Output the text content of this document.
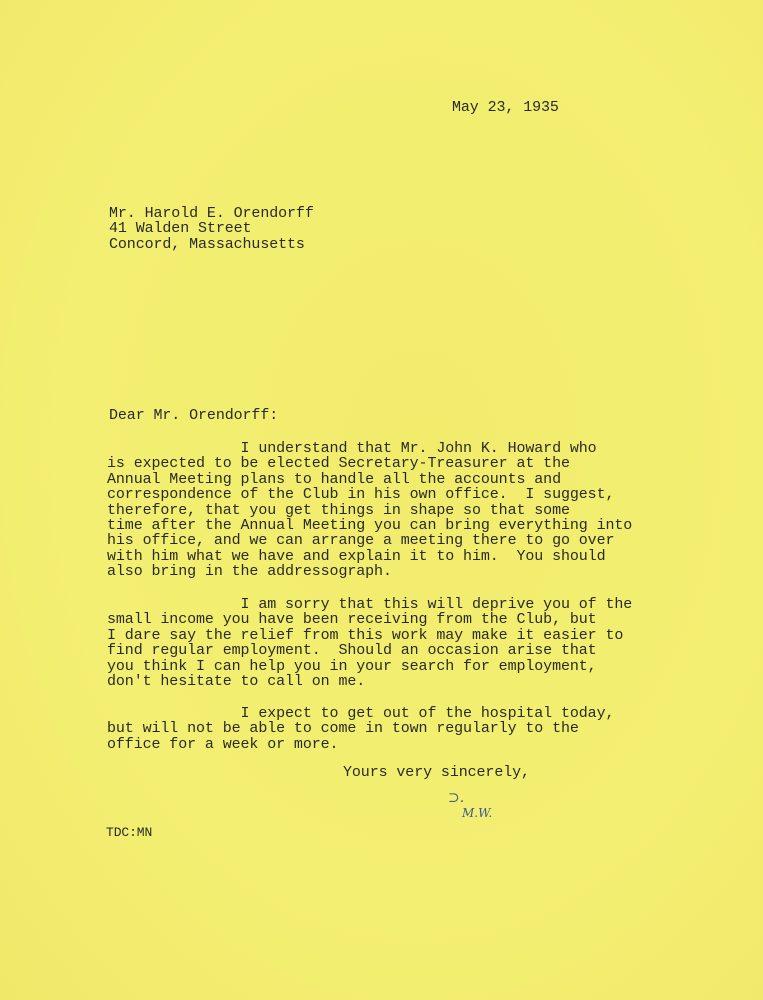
May 23, 1935
Mr. Harold E. Orendorff
41 Walden Street
Concord, Massachusetts
Dear Mr. Orendorff:
I understand that Mr. John K. Howard who
is expected to be elected Secretary-Treasurer at the
Annual Meeting plans to handle all the accounts and
correspondence of the Club in his own office.  I suggest,
therefore, that you get things in shape so that some
time after the Annual Meeting you can bring everything into
his office, and we can arrange a meeting there to go over
with him what we have and explain it to him.  You should
also bring in the addressograph.
I am sorry that this will deprive you of the
small income you have been receiving from the Club, but
I dare say the relief from this work may make it easier to
find regular employment.  Should an occasion arise that
you think I can help you in your search for employment,
don't hesitate to call on me.
I expect to get out of the hospital today,
but will not be able to come in town regularly to the
office for a week or more.
Yours very sincerely,
⊃.
M.W.
TDC:MN
